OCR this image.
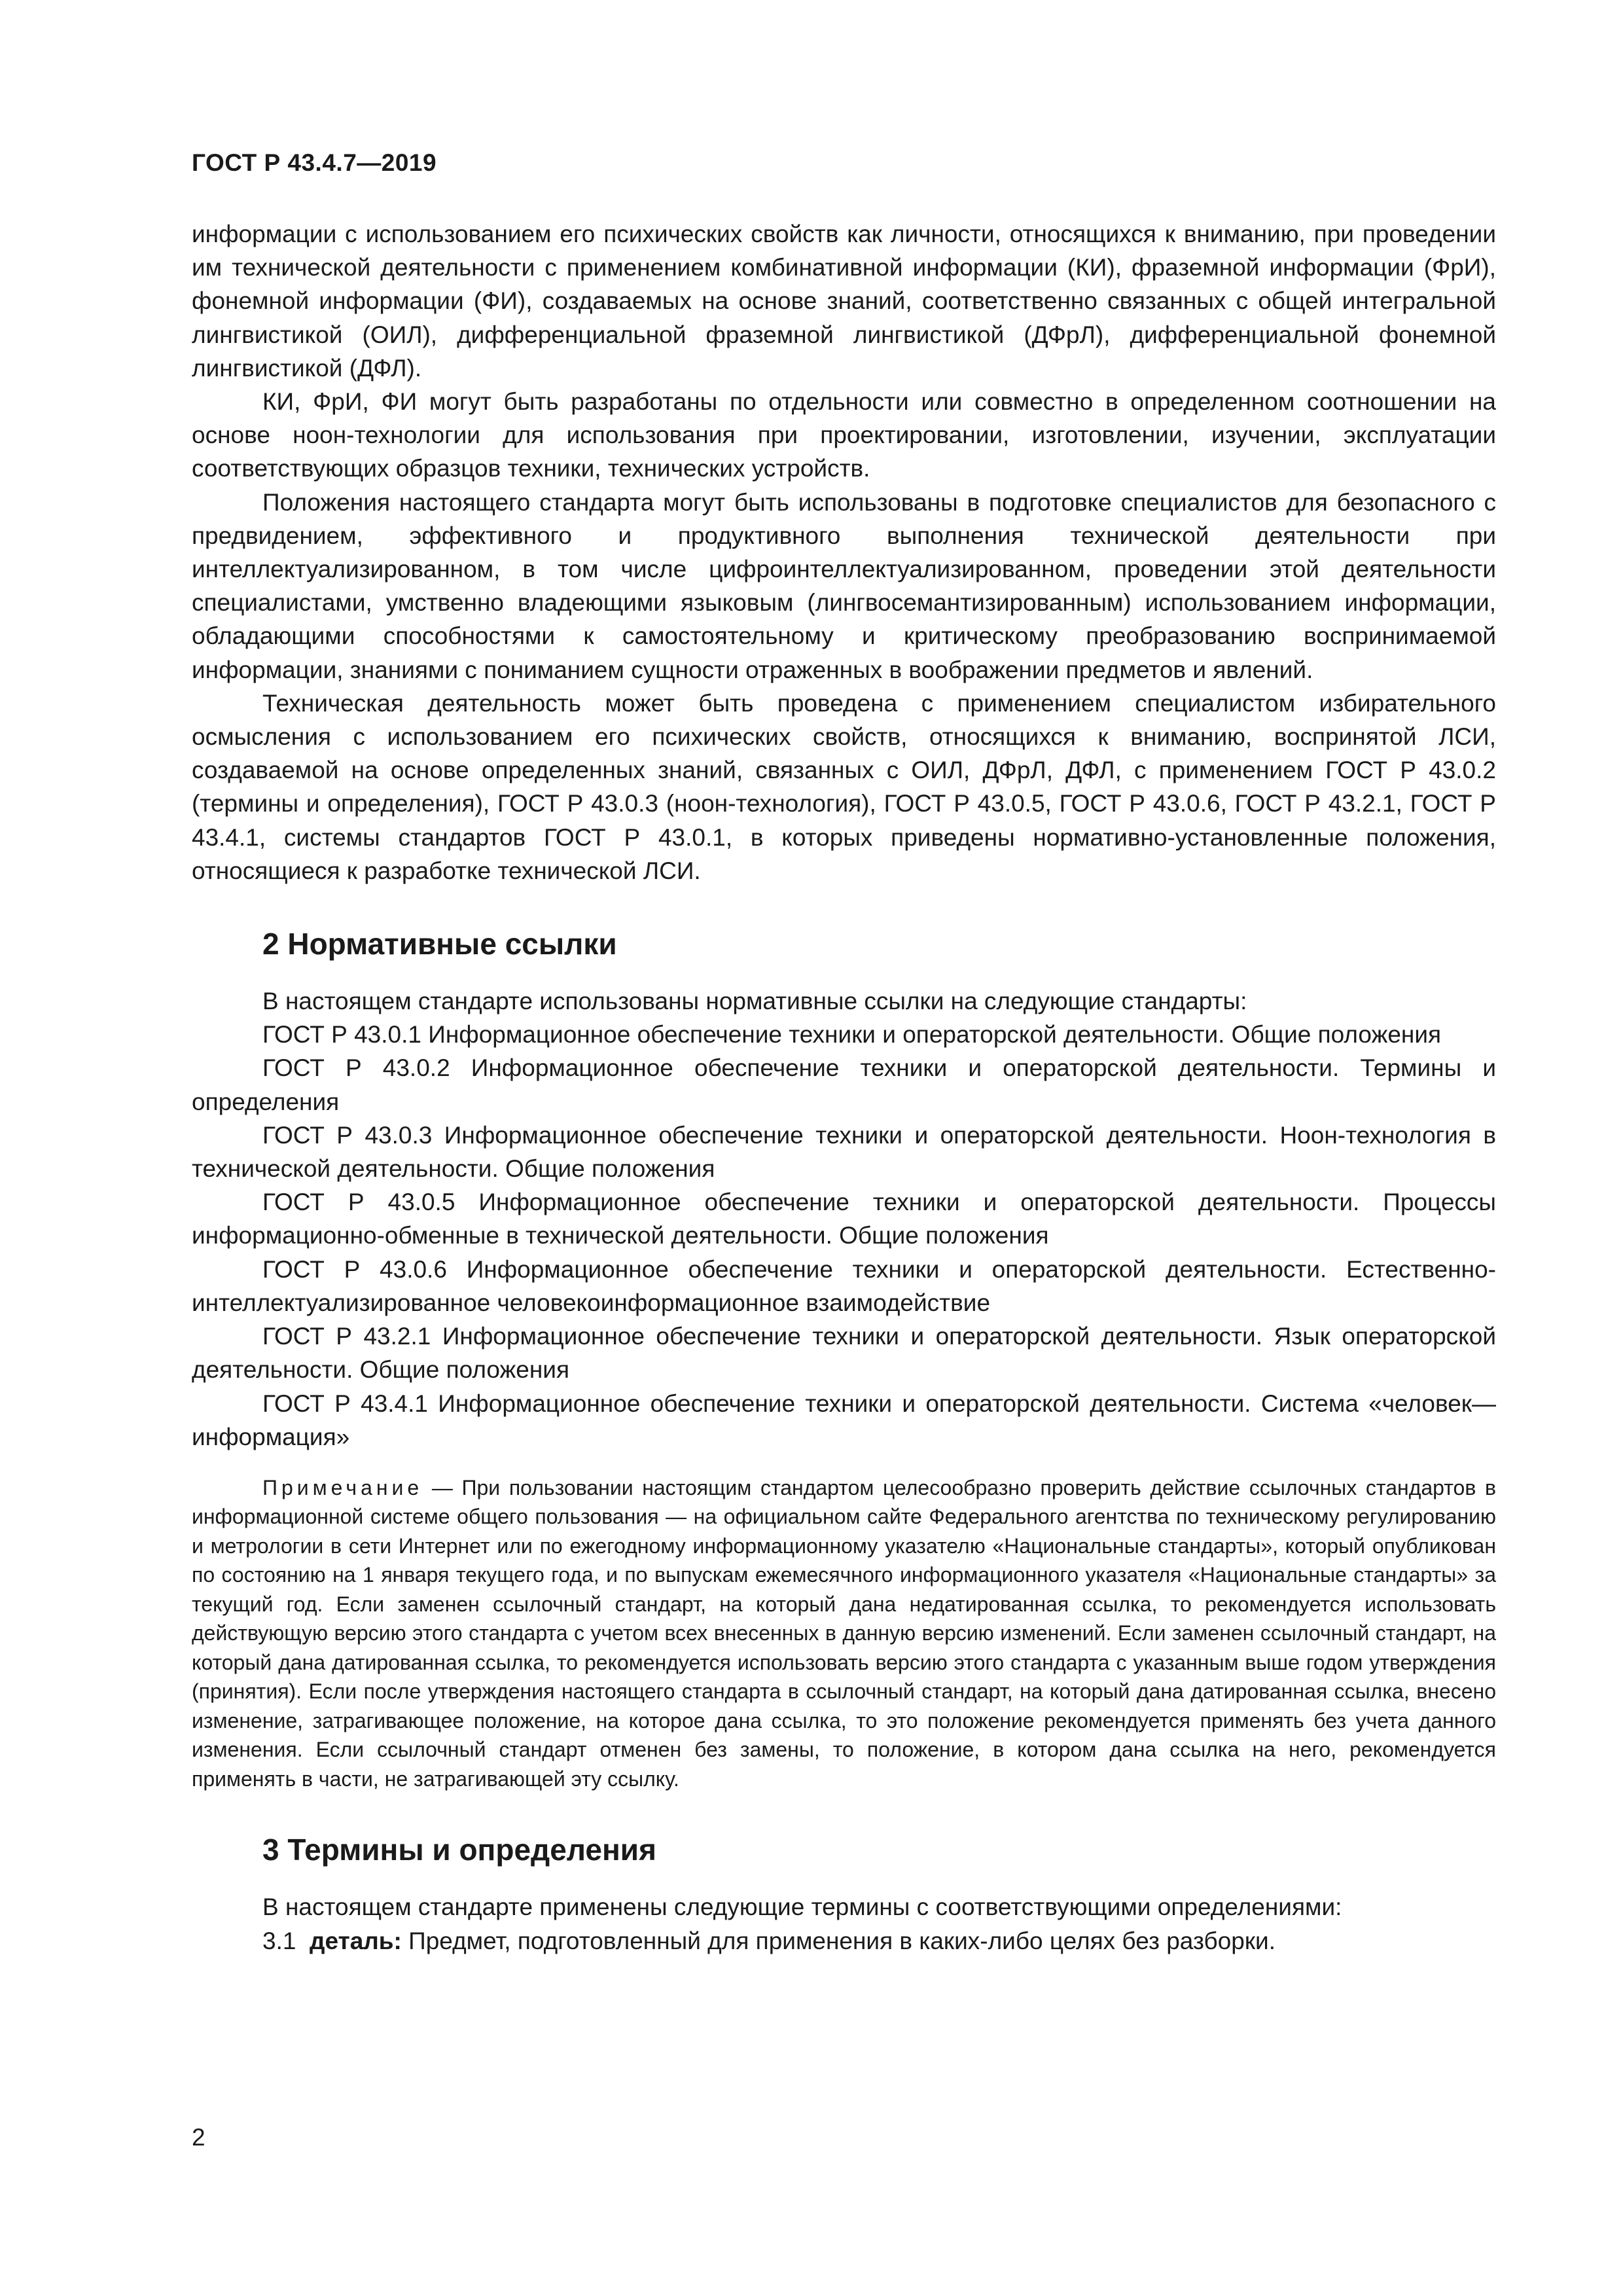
ГОСТ Р 43.4.7—2019

информации с использованием его психических свойств как личности, относящихся к вниманию, при проведении им технической деятельности с применением комбинативной информации (КИ), фраземной информации (ФрИ), фонемной информации (ФИ), создаваемых на основе знаний, соответственно связанных с общей интегральной лингвистикой (ОИЛ), дифференциальной фраземной лингвистикой (ДФрЛ), дифференциальной фонемной лингвистикой (ДФЛ).

КИ, ФрИ, ФИ могут быть разработаны по отдельности или совместно в определенном соотношении на основе ноон-технологии для использования при проектировании, изготовлении, изучении, эксплуатации соответствующих образцов техники, технических устройств.

Положения настоящего стандарта могут быть использованы в подготовке специалистов для безопасного с предвидением, эффективного и продуктивного выполнения технической деятельности при интеллектуализированном, в том числе цифроинтеллектуализированном, проведении этой деятельности специалистами, умственно владеющими языковым (лингвосемантизированным) использованием информации, обладающими способностями к самостоятельному и критическому преобразованию воспринимаемой информации, знаниями с пониманием сущности отраженных в воображении предметов и явлений.

Техническая деятельность может быть проведена с применением специалистом избирательного осмысления с использованием его психических свойств, относящихся к вниманию, воспринятой ЛСИ, создаваемой на основе определенных знаний, связанных с ОИЛ, ДФрЛ, ДФЛ, с применением ГОСТ Р 43.0.2 (термины и определения), ГОСТ Р 43.0.3 (ноон-технология), ГОСТ Р 43.0.5, ГОСТ Р 43.0.6, ГОСТ Р 43.2.1, ГОСТ Р 43.4.1, системы стандартов ГОСТ Р 43.0.1, в которых приведены нормативно-установленные положения, относящиеся к разработке технической ЛСИ.

2 Нормативные ссылки

В настоящем стандарте использованы нормативные ссылки на следующие стандарты:

ГОСТ Р 43.0.1 Информационное обеспечение техники и операторской деятельности. Общие положения

ГОСТ Р 43.0.2 Информационное обеспечение техники и операторской деятельности. Термины и определения

ГОСТ Р 43.0.3 Информационное обеспечение техники и операторской деятельности. Ноон-технология в технической деятельности. Общие положения

ГОСТ Р 43.0.5 Информационное обеспечение техники и операторской деятельности. Процессы информационно-обменные в технической деятельности. Общие положения

ГОСТ Р 43.0.6 Информационное обеспечение техники и операторской деятельности. Естественно-интеллектуализированное человекоинформационное взаимодействие

ГОСТ Р 43.2.1 Информационное обеспечение техники и операторской деятельности. Язык операторской деятельности. Общие положения

ГОСТ Р 43.4.1 Информационное обеспечение техники и операторской деятельности. Система «человек—информация»

Примечание — При пользовании настоящим стандартом целесообразно проверить действие ссылочных стандартов в информационной системе общего пользования — на официальном сайте Федерального агентства по техническому регулированию и метрологии в сети Интернет или по ежегодному информационному указателю «Национальные стандарты», который опубликован по состоянию на 1 января текущего года, и по выпускам ежемесячного информационного указателя «Национальные стандарты» за текущий год. Если заменен ссылочный стандарт, на который дана недатированная ссылка, то рекомендуется использовать действующую версию этого стандарта с учетом всех внесенных в данную версию изменений. Если заменен ссылочный стандарт, на который дана датированная ссылка, то рекомендуется использовать версию этого стандарта с указанным выше годом утверждения (принятия). Если после утверждения настоящего стандарта в ссылочный стандарт, на который дана датированная ссылка, внесено изменение, затрагивающее положение, на которое дана ссылка, то это положение рекомендуется применять без учета данного изменения. Если ссылочный стандарт отменен без замены, то положение, в котором дана ссылка на него, рекомендуется применять в части, не затрагивающей эту ссылку.

3 Термины и определения

В настоящем стандарте применены следующие термины с соответствующими определениями:

3.1 деталь: Предмет, подготовленный для применения в каких-либо целях без разборки.

2
